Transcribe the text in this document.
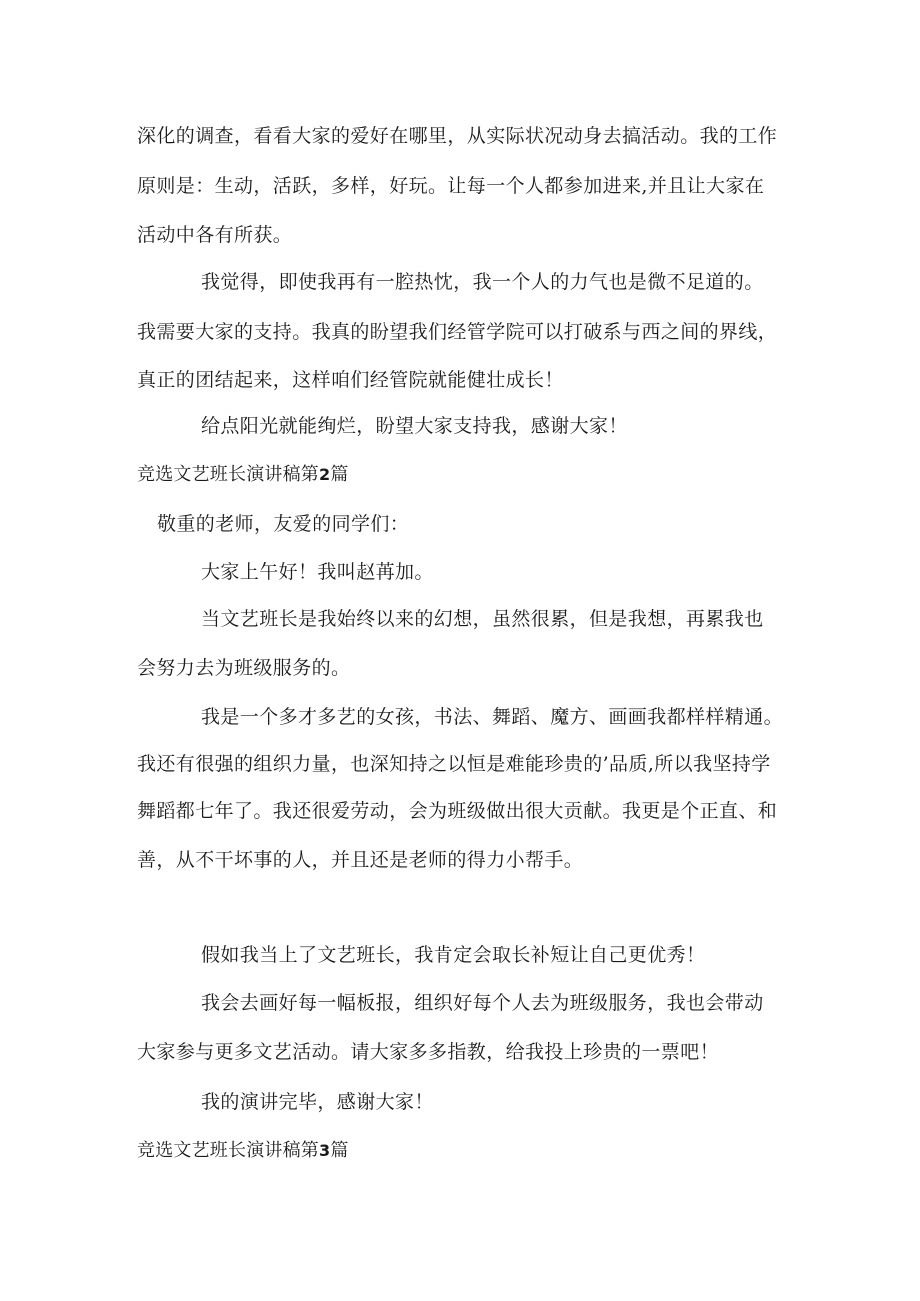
深化的调查，看看大家的爱好在哪里，从实际状况动身去搞活动。我的工作
原则是：生动，活跃，多样，好玩。让每一个人都参加进来,并且让大家在
活动中各有所获。
我觉得，即使我再有一腔热忱，我一个人的力气也是微不足道的。
我需要大家的支持。我真的盼望我们经管学院可以打破系与西之间的界线，
真正的团结起来，这样咱们经管院就能健壮成长！
给点阳光就能绚烂，盼望大家支持我，感谢大家！
竞选文艺班长演讲稿第2篇
敬重的老师，友爱的同学们：
大家上午好！我叫赵苒加。
当文艺班长是我始终以来的幻想，虽然很累，但是我想，再累我也
会努力去为班级服务的。
我是一个多才多艺的女孩，书法、舞蹈、魔方、画画我都样样精通。
我还有很强的组织力量，也深知持之以恒是难能珍贵的’品质,所以我坚持学
舞蹈都七年了。我还很爱劳动，会为班级做出很大贡献。我更是个正直、和
善，从不干坏事的人，并且还是老师的得力小帮手。
假如我当上了文艺班长，我肯定会取长补短让自己更优秀！
我会去画好每一幅板报，组织好每个人去为班级服务，我也会带动
大家参与更多文艺活动。请大家多多指教，给我投上珍贵的一票吧！
我的演讲完毕，感谢大家！
竞选文艺班长演讲稿第3篇
